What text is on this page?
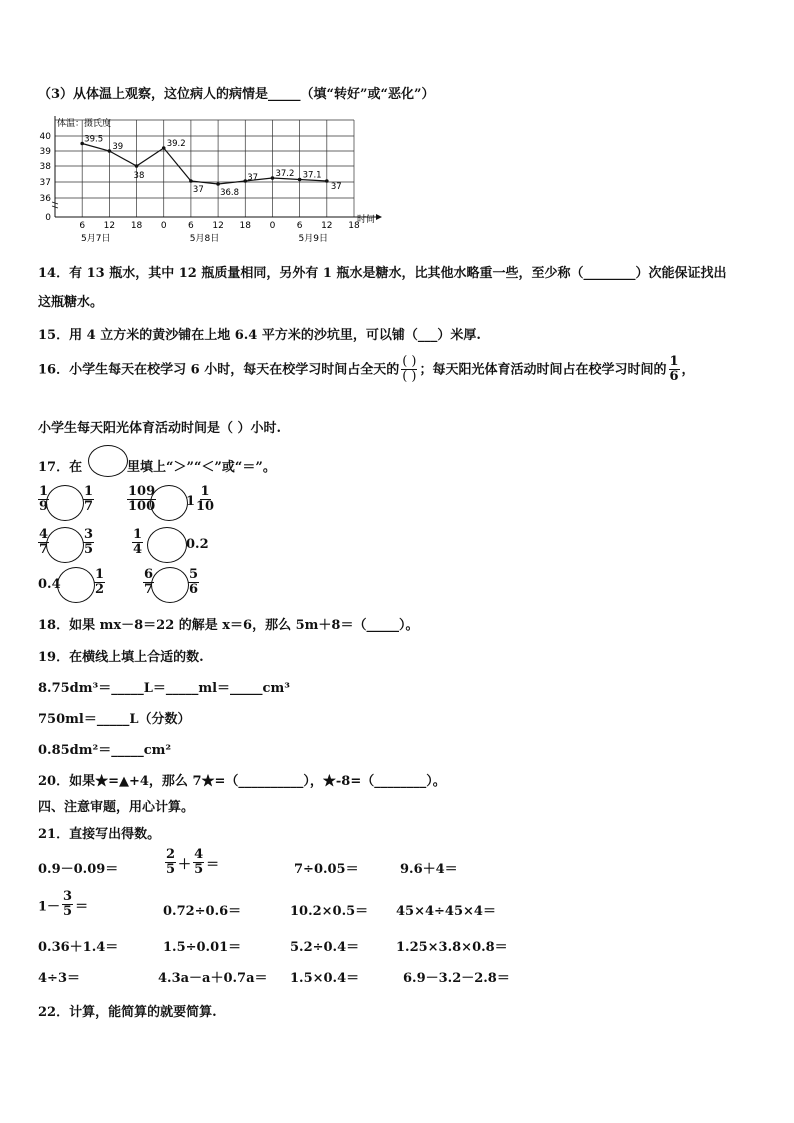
（3）从体温上观察，这位病人的病情是_____（填“转好”或“恶化”）
40
39
38
37
36
0
6 12 18 0 6 12 18 0 6 12 18
5月7日	5月8日	5月9日
39.5
39
38
39.2
37 36.8
37 37.2 37.1
37
体温：摄氏度
时间
14．有 13 瓶水，其中 12 瓶质量相同，另外有 1 瓶水是糖水，比其他水略重一些，至少称（________）次能保证找出
这瓶糖水。
15．用 4 立方米的黄沙铺在上地 6.4 平方米的沙坑里，可以铺（___）米厚.
16．小学生每天在校学习 6 小时，每天在校学习时间占全天的 $\frac{( )}{( )}$ ；每天阳光体育活动时间占在校学习时间的 $\frac{1}{6}$ ，
小学生每天阳光体育活动时间是（ ）小时.
17．在	里填上“＞”“＜”或“＝”。
$\frac{1}{9}$	$\frac{1}{7}$	$\frac{109}{100} 1 \frac{1}{10}$
$\frac{4}{7}$	$\frac{3}{5}$	$\frac{1}{4}$	0.2
0.4	$\frac{1}{2}$	$\frac{6}{7}$	$\frac{5}{6}$
18．如果 mx－8＝22 的解是 x＝6，那么 5m＋8＝（_____）。
19．在横线上填上合适的数.
8.75dm³＝_____L＝_____ml＝_____cm³
750ml＝_____L（分数）
0.85dm²＝_____cm²
20．如果★=▲+4，那么 7★=（__________），★-8=（________）。
四、注意审题，用心计算。
21．直接写出得数。
0.9－0.09＝	$\frac{2}{5} + \frac{4}{5}$ ＝	7÷0.05＝	9.6＋4＝
$1- \frac{3}{5}$ ＝	0.72÷0.6＝	10.2×0.5＝ 45×4÷45×4＝
0.36＋1.4＝	1.5÷0.01＝	5.2÷0.4＝	1.25×3.8×0.8＝
4÷3＝	4.3a－a＋0.7a＝ 1.5×0.4＝	6.9－3.2－2.8＝
22．计算，能简算的就要简算.
